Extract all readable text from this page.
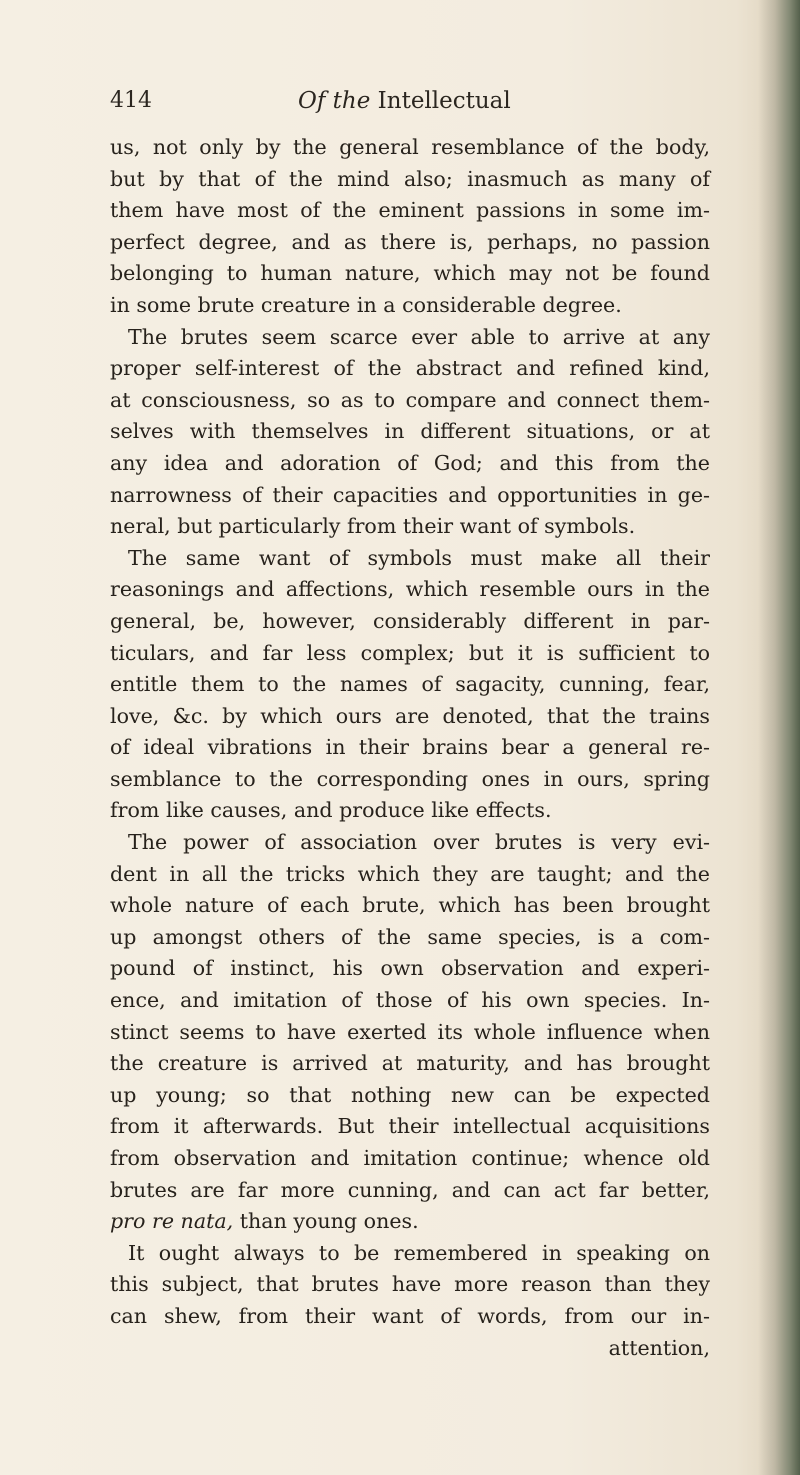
414	Of the Intellectual
us, not only by the general resemblance of the body,
but by that of the mind also; inasmuch as many of
them have most of the eminent passions in some im-
perfect degree, and as there is, perhaps, no passion
belonging to human nature, which may not be found
in some brute creature in a considerable degree.
The brutes seem scarce ever able to arrive at any
proper self-interest of the abstract and refined kind,
at consciousness, so as to compare and connect them-
selves with themselves in different situations, or at
any idea and adoration of God; and this from the
narrowness of their capacities and opportunities in ge-
neral, but particularly from their want of symbols.
The same want of symbols must make all their
reasonings and affections, which resemble ours in the
general, be, however, considerably different in par-
ticulars, and far less complex; but it is sufficient to
entitle them to the names of sagacity, cunning, fear,
love, &c. by which ours are denoted, that the trains
of ideal vibrations in their brains bear a general re-
semblance to the corresponding ones in ours, spring
from like causes, and produce like effects.
The power of association over brutes is very evi-
dent in all the tricks which they are taught; and the
whole nature of each brute, which has been brought
up amongst others of the same species, is a com-
pound of instinct, his own observation and experi-
ence, and imitation of those of his own species. In-
stinct seems to have exerted its whole influence when
the creature is arrived at maturity, and has brought
up young; so that nothing new can be expected
from it afterwards. But their intellectual acquisitions
from observation and imitation continue; whence old
brutes are far more cunning, and can act far better,
pro re nata, than young ones.
It ought always to be remembered in speaking on
this subject, that brutes have more reason than they
can shew, from their want of words, from our in-
attention,
